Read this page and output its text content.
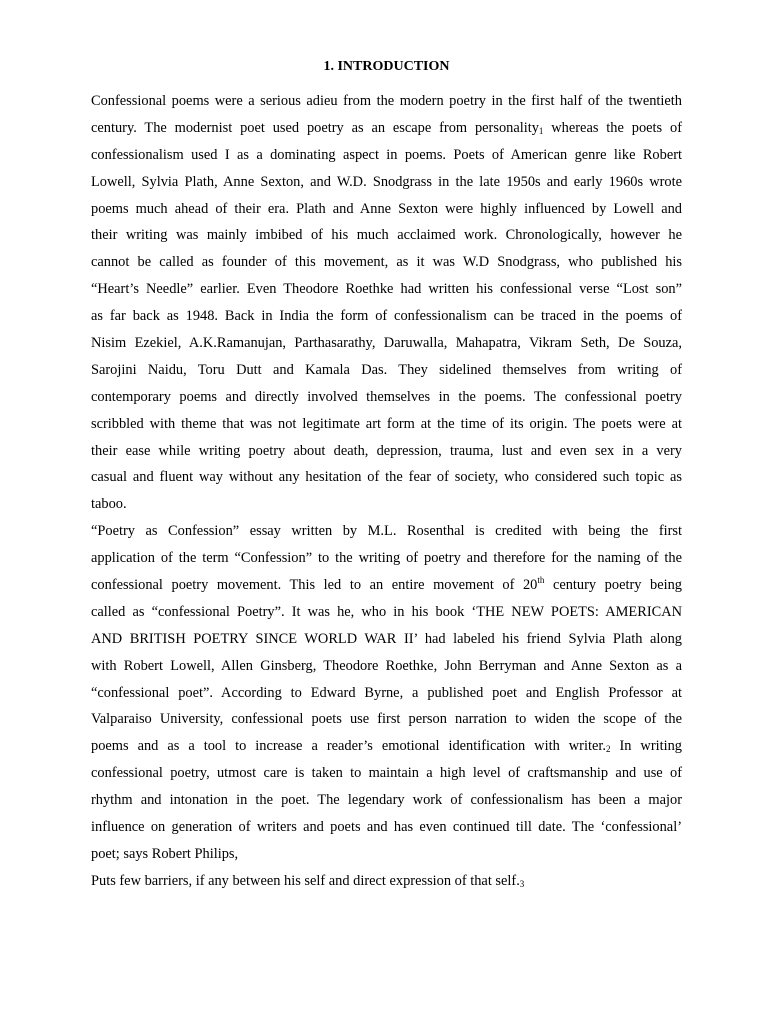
1. INTRODUCTION
Confessional poems were a serious adieu from the modern poetry in the first half of the twentieth
century. The modernist poet used poetry as an escape from personality$_1$ whereas the poets of
confessionalism used I as a dominating aspect in poems. Poets of American genre like Robert
Lowell, Sylvia Plath, Anne Sexton, and W.D. Snodgrass in the late 1950s and early 1960s wrote
poems much ahead of their era. Plath and Anne Sexton were highly influenced by Lowell and
their writing was mainly imbibed of his much acclaimed work. Chronologically, however he
cannot be called as founder of this movement, as it was W.D Snodgrass, who published his
“Heart’s Needle” earlier. Even Theodore Roethke had written his confessional verse “Lost son”
as far back as 1948. Back in India the form of confessionalism can be traced in the poems of
Nisim Ezekiel, A.K.Ramanujan, Parthasarathy, Daruwalla, Mahapatra, Vikram Seth, De Souza,
Sarojini Naidu, Toru Dutt and Kamala Das. They sidelined themselves from writing of
contemporary poems and directly involved themselves in the poems. The confessional poetry
scribbled with theme that was not legitimate art form at the time of its origin. The poets were at
their ease while writing poetry about death, depression, trauma, lust and even sex in a very
casual and fluent way without any hesitation of the fear of society, who considered such topic as
taboo.
“Poetry as Confession” essay written by M.L. Rosenthal is credited with being the first
application of the term “Confession” to the writing of poetry and therefore for the naming of the
confessional poetry movement. This led to an entire movement of 20th century poetry being
called as “confessional Poetry”. It was he, who in his book ‘THE NEW POETS: AMERICAN
AND BRITISH POETRY SINCE WORLD WAR II’ had labeled his friend Sylvia Plath along
with Robert Lowell, Allen Ginsberg, Theodore Roethke, John Berryman and Anne Sexton as a
“confessional poet”. According to Edward Byrne, a published poet and English Professor at
Valparaiso University, confessional poets use first person narration to widen the scope of the
poems and as a tool to increase a reader’s emotional identification with $writer._2$ In writing
confessional poetry, utmost care is taken to maintain a high level of craftsmanship and use of
rhythm and intonation in the poet. The legendary work of confessionalism has been a major
influence on generation of writers and poets and has even continued till date. The ‘confessional’
poet; says Robert Philips,
Puts few barriers, if any between his self and direct expression of that $self._3$
